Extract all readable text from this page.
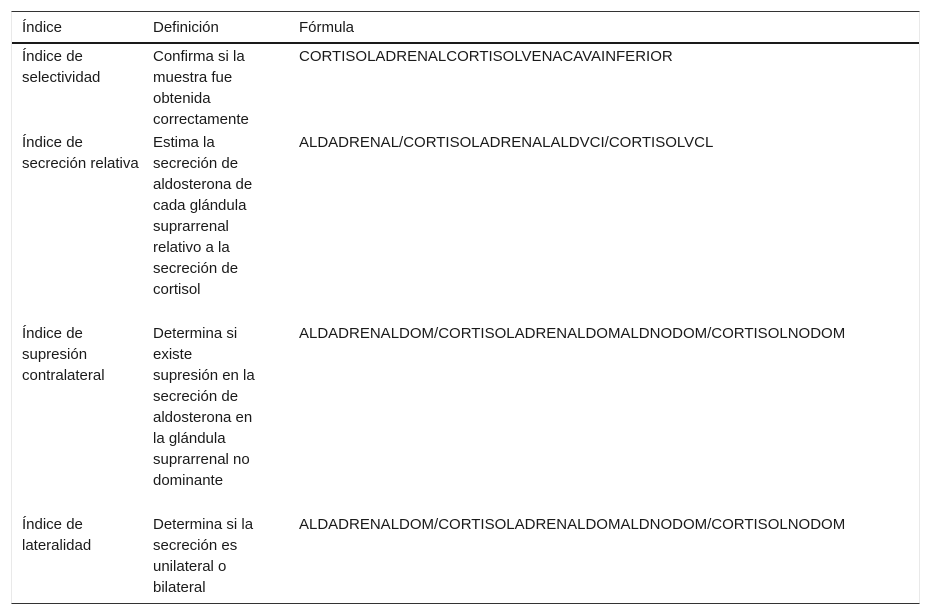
Índice	Definición	Fórmula
Índice de selectividad	Confirma si la muestra fue obtenida correctamente	CORTISOLADRENALCORTISOLVENACAVAINFERIOR
Índice de secreción relativa	Estima la secreción de aldosterona de cada glándula suprarrenal relativo a la secreción de cortisol	ALDADRENAL/CORTISOLADRENALALDVCI/CORTISOLVCL
Índice de supresión contralateral	Determina si existe supresión en la secreción de aldosterona en la glándula suprarrenal no dominante	ALDADRENALDOM/CORTISOLADRENALDOMALDNODOM/CORTISOLNODOM
Índice de lateralidad	Determina si la secreción es unilateral o bilateral	ALDADRENALDOM/CORTISOLADRENALDOMALDNODOM/CORTISOLNODOM
